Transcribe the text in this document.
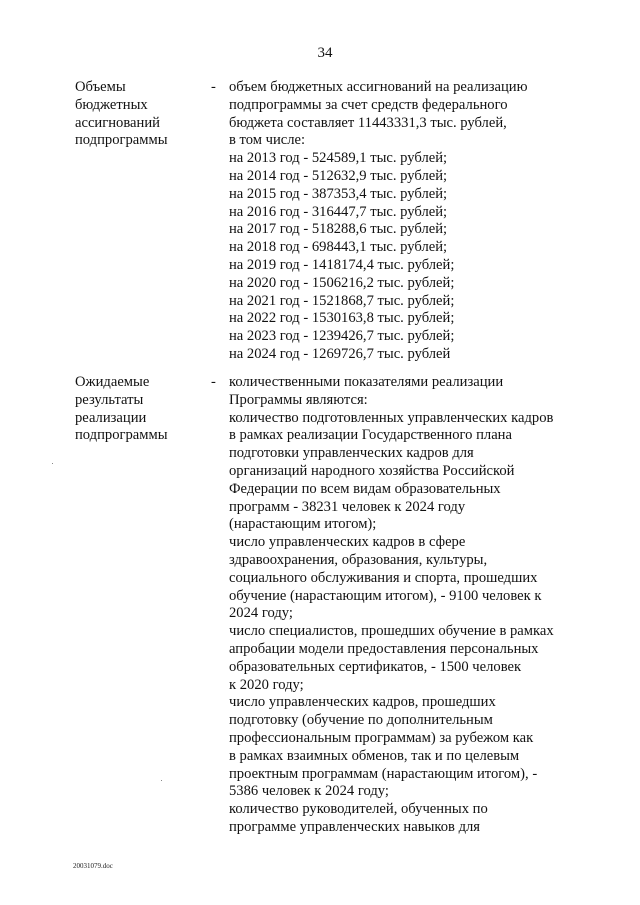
34
Объемы
бюджетных
ассигнований
подпрограммы
- объем бюджетных ассигнований на реализацию
подпрограммы за счет средств федерального
бюджета составляет 11443331,3 тыс. рублей,
в том числе:
на 2013 год - 524589,1 тыс. рублей;
на 2014 год - 512632,9 тыс. рублей;
на 2015 год - 387353,4 тыс. рублей;
на 2016 год - 316447,7 тыс. рублей;
на 2017 год - 518288,6 тыс. рублей;
на 2018 год - 698443,1 тыс. рублей;
на 2019 год - 1418174,4 тыс. рублей;
на 2020 год - 1506216,2 тыс. рублей;
на 2021 год - 1521868,7 тыс. рублей;
на 2022 год - 1530163,8 тыс. рублей;
на 2023 год - 1239426,7 тыс. рублей;
на 2024 год - 1269726,7 тыс. рублей
Ожидаемые
результаты
реализации
подпрограммы
- количественными показателями реализации
Программы являются:
количество подготовленных управленческих кадров
в рамках реализации Государственного плана
подготовки управленческих кадров для
организаций народного хозяйства Российской
Федерации по всем видам образовательных
программ - 38231 человек к 2024 году
(нарастающим итогом);
число управленческих кадров в сфере
здравоохранения, образования, культуры,
социального обслуживания и спорта, прошедших
обучение (нарастающим итогом), - 9100 человек к
2024 году;
число специалистов, прошедших обучение в рамках
апробации модели предоставления персональных
образовательных сертификатов, - 1500 человек
к 2020 году;
число управленческих кадров, прошедших
подготовку (обучение по дополнительным
профессиональным программам) за рубежом как
в рамках взаимных обменов, так и по целевым
проектным программам (нарастающим итогом), -
5386 человек к 2024 году;
количество руководителей, обученных по
программе управленческих навыков для
20031079.doc
